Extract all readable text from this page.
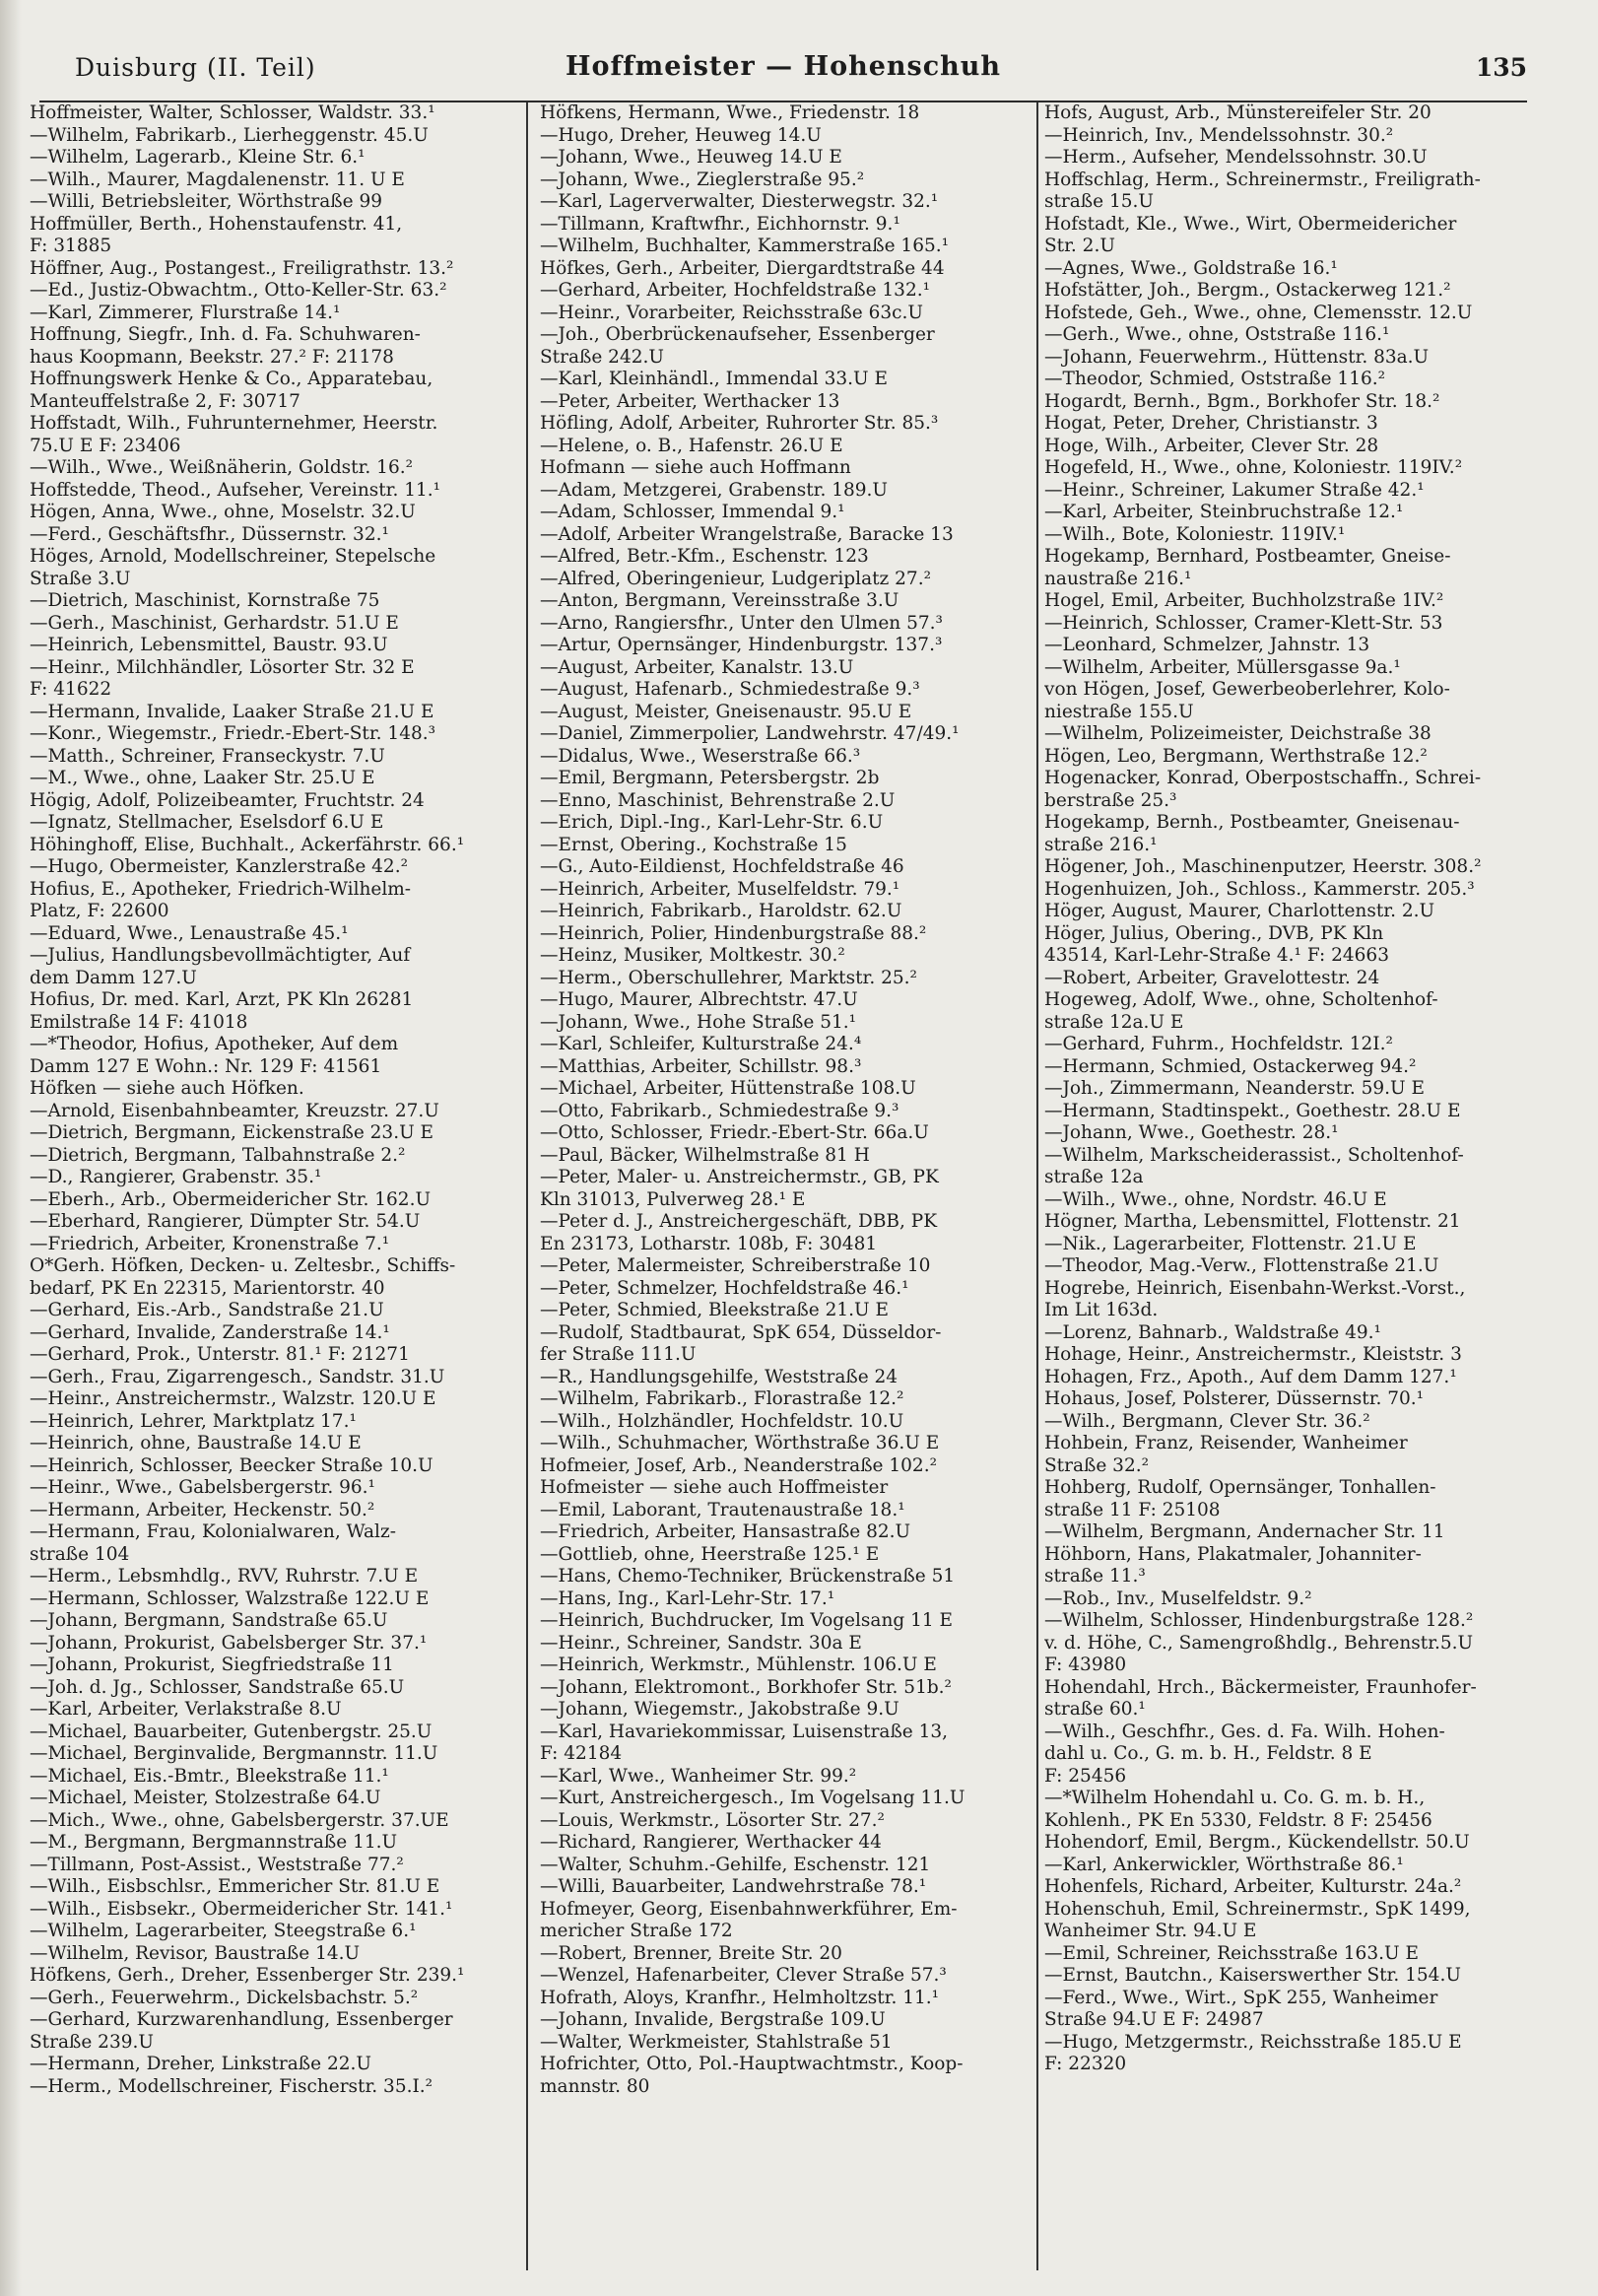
Duisburg (II. Teil)	Hoffmeister — Hohenschuh	135
Hoffmeister, Walter, Schlosser, Waldstr. 33.¹
—Wilhelm, Fabrikarb., Lierheggenstr. 45.U
—Wilhelm, Lagerarb., Kleine Str. 6.¹
—Wilh., Maurer, Magdalenenstr. 11. U E
—Willi, Betriebsleiter, Wörthstraße 99
Hoffmüller, Berth., Hohenstaufenstr. 41,
F: 31885
Höffner, Aug., Postangest., Freiligrathstr. 13.²
—Ed., Justiz-Obwachtm., Otto-Keller-Str. 63.²
—Karl, Zimmerer, Flurstraße 14.¹
Hoffnung, Siegfr., Inh. d. Fa. Schuhwaren-
haus Koopmann, Beekstr. 27.² F: 21178
Hoffnungswerk Henke & Co., Apparatebau,
Manteuffelstraße 2, F: 30717
Hoffstadt, Wilh., Fuhrunternehmer, Heerstr.
75.U E F: 23406
—Wilh., Wwe., Weißnäherin, Goldstr. 16.²
Hoffstedde, Theod., Aufseher, Vereinstr. 11.¹
Högen, Anna, Wwe., ohne, Moselstr. 32.U
—Ferd., Geschäftsfhr., Düssernstr. 32.¹
Höges, Arnold, Modellschreiner, Stepelsche
Straße 3.U
—Dietrich, Maschinist, Kornstraße 75
—Gerh., Maschinist, Gerhardstr. 51.U E
—Heinrich, Lebensmittel, Baustr. 93.U
—Heinr., Milchhändler, Lösorter Str. 32 E
F: 41622
—Hermann, Invalide, Laaker Straße 21.U E
—Konr., Wiegemstr., Friedr.-Ebert-Str. 148.³
—Matth., Schreiner, Franseckystr. 7.U
—M., Wwe., ohne, Laaker Str. 25.U E
Högig, Adolf, Polizeibeamter, Fruchtstr. 24
—Ignatz, Stellmacher, Eselsdorf 6.U E
Höhinghoff, Elise, Buchhalt., Ackerfährstr. 66.¹
—Hugo, Obermeister, Kanzlerstraße 42.²
Hofius, E., Apotheker, Friedrich-Wilhelm-
Platz, F: 22600
—Eduard, Wwe., Lenaustraße 45.¹
—Julius, Handlungsbevollmächtigter, Auf
dem Damm 127.U
Hofius, Dr. med. Karl, Arzt, PK Kln 26281
Emilstraße 14 F: 41018
—*Theodor, Hofius, Apotheker, Auf dem
Damm 127 E Wohn.: Nr. 129 F: 41561
Höfken — siehe auch Höfken.
—Arnold, Eisenbahnbeamter, Kreuzstr. 27.U
—Dietrich, Bergmann, Eickenstraße 23.U E
—Dietrich, Bergmann, Talbahnstraße 2.²
—D., Rangierer, Grabenstr. 35.¹
—Eberh., Arb., Obermeidericher Str. 162.U
—Eberhard, Rangierer, Dümpter Str. 54.U
—Friedrich, Arbeiter, Kronenstraße 7.¹
O*Gerh. Höfken, Decken- u. Zeltesbr., Schiffs-
bedarf, PK En 22315, Marientorstr. 40
—Gerhard, Eis.-Arb., Sandstraße 21.U
—Gerhard, Invalide, Zanderstraße 14.¹
—Gerhard, Prok., Unterstr. 81.¹ F: 21271
—Gerh., Frau, Zigarrengesch., Sandstr. 31.U
—Heinr., Anstreichermstr., Walzstr. 120.U E
—Heinrich, Lehrer, Marktplatz 17.¹
—Heinrich, ohne, Baustraße 14.U E
—Heinrich, Schlosser, Beecker Straße 10.U
—Heinr., Wwe., Gabelsbergerstr. 96.¹
—Hermann, Arbeiter, Heckenstr. 50.²
—Hermann, Frau, Kolonialwaren, Walz-
straße 104
—Herm., Lebsmhdlg., RVV, Ruhrstr. 7.U E
—Hermann, Schlosser, Walzstraße 122.U E
—Johann, Bergmann, Sandstraße 65.U
—Johann, Prokurist, Gabelsberger Str. 37.¹
—Johann, Prokurist, Siegfriedstraße 11
—Joh. d. Jg., Schlosser, Sandstraße 65.U
—Karl, Arbeiter, Verlakstraße 8.U
—Michael, Bauarbeiter, Gutenbergstr. 25.U
—Michael, Berginvalide, Bergmannstr. 11.U
—Michael, Eis.-Bmtr., Bleekstraße 11.¹
—Michael, Meister, Stolzestraße 64.U
—Mich., Wwe., ohne, Gabelsbergerstr. 37.UE
—M., Bergmann, Bergmannstraße 11.U
—Tillmann, Post-Assist., Weststraße 77.²
—Wilh., Eisbschlsr., Emmericher Str. 81.U E
—Wilh., Eisbsekr., Obermeidericher Str. 141.¹
—Wilhelm, Lagerarbeiter, Steegstraße 6.¹
—Wilhelm, Revisor, Baustraße 14.U
Höfkens, Gerh., Dreher, Essenberger Str. 239.¹
—Gerh., Feuerwehrm., Dickelsbachstr. 5.²
—Gerhard, Kurzwarenhandlung, Essenberger
Straße 239.U
—Hermann, Dreher, Linkstraße 22.U
—Herm., Modellschreiner, Fischerstr. 35.I.²
Höfkens, Hermann, Wwe., Friedenstr. 18
—Hugo, Dreher, Heuweg 14.U
—Johann, Wwe., Heuweg 14.U E
—Johann, Wwe., Zieglerstraße 95.²
—Karl, Lagerverwalter, Diesterwegstr. 32.¹
—Tillmann, Kraftwfhr., Eichhornstr. 9.¹
—Wilhelm, Buchhalter, Kammerstraße 165.¹
Höfkes, Gerh., Arbeiter, Diergardtstraße 44
—Gerhard, Arbeiter, Hochfeldstraße 132.¹
—Heinr., Vorarbeiter, Reichsstraße 63c.U
—Joh., Oberbrückenaufseher, Essenberger
Straße 242.U
—Karl, Kleinhändl., Immendal 33.U E
—Peter, Arbeiter, Werthacker 13
Höfling, Adolf, Arbeiter, Ruhrorter Str. 85.³
—Helene, o. B., Hafenstr. 26.U E
Hofmann — siehe auch Hoffmann
—Adam, Metzgerei, Grabenstr. 189.U
—Adam, Schlosser, Immendal 9.¹
—Adolf, Arbeiter Wrangelstraße, Baracke 13
—Alfred, Betr.-Kfm., Eschenstr. 123
—Alfred, Oberingenieur, Ludgeriplatz 27.²
—Anton, Bergmann, Vereinsstraße 3.U
—Arno, Rangiersfhr., Unter den Ulmen 57.³
—Artur, Opernsänger, Hindenburgstr. 137.³
—August, Arbeiter, Kanalstr. 13.U
—August, Hafenarb., Schmiedestraße 9.³
—August, Meister, Gneisenaustr. 95.U E
—Daniel, Zimmerpolier, Landwehrstr. 47/49.¹
—Didalus, Wwe., Weserstraße 66.³
—Emil, Bergmann, Petersbergstr. 2b
—Enno, Maschinist, Behrenstraße 2.U
—Erich, Dipl.-Ing., Karl-Lehr-Str. 6.U
—Ernst, Obering., Kochstraße 15
—G., Auto-Eildienst, Hochfeldstraße 46
—Heinrich, Arbeiter, Muselfeldstr. 79.¹
—Heinrich, Fabrikarb., Haroldstr. 62.U
—Heinrich, Polier, Hindenburgstraße 88.²
—Heinz, Musiker, Moltkestr. 30.²
—Herm., Oberschullehrer, Marktstr. 25.²
—Hugo, Maurer, Albrechtstr. 47.U
—Johann, Wwe., Hohe Straße 51.¹
—Karl, Schleifer, Kulturstraße 24.⁴
—Matthias, Arbeiter, Schillstr. 98.³
—Michael, Arbeiter, Hüttenstraße 108.U
—Otto, Fabrikarb., Schmiedestraße 9.³
—Otto, Schlosser, Friedr.-Ebert-Str. 66a.U
—Paul, Bäcker, Wilhelmstraße 81 H
—Peter, Maler- u. Anstreichermstr., GB, PK
Kln 31013, Pulverweg 28.¹ E
—Peter d. J., Anstreichergeschäft, DBB, PK
En 23173, Lotharstr. 108b, F: 30481
—Peter, Malermeister, Schreiberstraße 10
—Peter, Schmelzer, Hochfeldstraße 46.¹
—Peter, Schmied, Bleekstraße 21.U E
—Rudolf, Stadtbaurat, SpK 654, Düsseldor-
fer Straße 111.U
—R., Handlungsgehilfe, Weststraße 24
—Wilhelm, Fabrikarb., Florastraße 12.²
—Wilh., Holzhändler, Hochfeldstr. 10.U
—Wilh., Schuhmacher, Wörthstraße 36.U E
Hofmeier, Josef, Arb., Neanderstraße 102.²
Hofmeister — siehe auch Hoffmeister
—Emil, Laborant, Trautenaustraße 18.¹
—Friedrich, Arbeiter, Hansastraße 82.U
—Gottlieb, ohne, Heerstraße 125.¹ E
—Hans, Chemo-Techniker, Brückenstraße 51
—Hans, Ing., Karl-Lehr-Str. 17.¹
—Heinrich, Buchdrucker, Im Vogelsang 11 E
—Heinr., Schreiner, Sandstr. 30a E
—Heinrich, Werkmstr., Mühlenstr. 106.U E
—Johann, Elektromont., Borkhofer Str. 51b.²
—Johann, Wiegemstr., Jakobstraße 9.U
—Karl, Havariekommissar, Luisenstraße 13,
F: 42184
—Karl, Wwe., Wanheimer Str. 99.²
—Kurt, Anstreichergesch., Im Vogelsang 11.U
—Louis, Werkmstr., Lösorter Str. 27.²
—Richard, Rangierer, Werthacker 44
—Walter, Schuhm.-Gehilfe, Eschenstr. 121
—Willi, Bauarbeiter, Landwehrstraße 78.¹
Hofmeyer, Georg, Eisenbahnwerkführer, Em-
mericher Straße 172
—Robert, Brenner, Breite Str. 20
—Wenzel, Hafenarbeiter, Clever Straße 57.³
Hofrath, Aloys, Kranfhr., Helmholtzstr. 11.¹
—Johann, Invalide, Bergstraße 109.U
—Walter, Werkmeister, Stahlstraße 51
Hofrichter, Otto, Pol.-Hauptwachtmstr., Koop-
mannstr. 80
Hofs, August, Arb., Münstereifeler Str. 20
—Heinrich, Inv., Mendelssohnstr. 30.²
—Herm., Aufseher, Mendelssohnstr. 30.U
Hoffschlag, Herm., Schreinermstr., Freiligrath-
straße 15.U
Hofstadt, Kle., Wwe., Wirt, Obermeidericher
Str. 2.U
—Agnes, Wwe., Goldstraße 16.¹
Hofstätter, Joh., Bergm., Ostackerweg 121.²
Hofstede, Geh., Wwe., ohne, Clemensstr. 12.U
—Gerh., Wwe., ohne, Oststraße 116.¹
—Johann, Feuerwehrm., Hüttenstr. 83a.U
—Theodor, Schmied, Oststraße 116.²
Hogardt, Bernh., Bgm., Borkhofer Str. 18.²
Hogat, Peter, Dreher, Christianstr. 3
Hoge, Wilh., Arbeiter, Clever Str. 28
Hogefeld, H., Wwe., ohne, Koloniestr. 119IV.²
—Heinr., Schreiner, Lakumer Straße 42.¹
—Karl, Arbeiter, Steinbruchstraße 12.¹
—Wilh., Bote, Koloniestr. 119IV.¹
Hogekamp, Bernhard, Postbeamter, Gneise-
naustraße 216.¹
Hogel, Emil, Arbeiter, Buchholzstraße 1IV.²
—Heinrich, Schlosser, Cramer-Klett-Str. 53
—Leonhard, Schmelzer, Jahnstr. 13
—Wilhelm, Arbeiter, Müllersgasse 9a.¹
von Högen, Josef, Gewerbeoberlehrer, Kolo-
niestraße 155.U
—Wilhelm, Polizeimeister, Deichstraße 38
Högen, Leo, Bergmann, Werthstraße 12.²
Hogenacker, Konrad, Oberpostschaffn., Schrei-
berstraße 25.³
Hogekamp, Bernh., Postbeamter, Gneisenau-
straße 216.¹
Högener, Joh., Maschinenputzer, Heerstr. 308.²
Hogenhuizen, Joh., Schloss., Kammerstr. 205.³
Höger, August, Maurer, Charlottenstr. 2.U
Höger, Julius, Obering., DVB, PK Kln
43514, Karl-Lehr-Straße 4.¹ F: 24663
—Robert, Arbeiter, Gravelottestr. 24
Hogeweg, Adolf, Wwe., ohne, Scholtenhof-
straße 12a.U E
—Gerhard, Fuhrm., Hochfeldstr. 12I.²
—Hermann, Schmied, Ostackerweg 94.²
—Joh., Zimmermann, Neanderstr. 59.U E
—Hermann, Stadtinspekt., Goethestr. 28.U E
—Johann, Wwe., Goethestr. 28.¹
—Wilhelm, Markscheiderassist., Scholtenhof-
straße 12a
—Wilh., Wwe., ohne, Nordstr. 46.U E
Högner, Martha, Lebensmittel, Flottenstr. 21
—Nik., Lagerarbeiter, Flottenstr. 21.U E
—Theodor, Mag.-Verw., Flottenstraße 21.U
Hogrebe, Heinrich, Eisenbahn-Werkst.-Vorst.,
Im Lit 163d.
—Lorenz, Bahnarb., Waldstraße 49.¹
Hohage, Heinr., Anstreichermstr., Kleiststr. 3
Hohagen, Frz., Apoth., Auf dem Damm 127.¹
Hohaus, Josef, Polsterer, Düssernstr. 70.¹
—Wilh., Bergmann, Clever Str. 36.²
Hohbein, Franz, Reisender, Wanheimer
Straße 32.²
Hohberg, Rudolf, Opernsänger, Tonhallen-
straße 11 F: 25108
—Wilhelm, Bergmann, Andernacher Str. 11
Höhborn, Hans, Plakatmaler, Johanniter-
straße 11.³
—Rob., Inv., Muselfeldstr. 9.²
—Wilhelm, Schlosser, Hindenburgstraße 128.²
v. d. Höhe, C., Samengroßhdlg., Behrenstr.5.U
F: 43980
Hohendahl, Hrch., Bäckermeister, Fraunhofer-
straße 60.¹
—Wilh., Geschfhr., Ges. d. Fa. Wilh. Hohen-
dahl u. Co., G. m. b. H., Feldstr. 8 E
F: 25456
—*Wilhelm Hohendahl u. Co. G. m. b. H.,
Kohlenh., PK En 5330, Feldstr. 8 F: 25456
Hohendorf, Emil, Bergm., Kückendellstr. 50.U
—Karl, Ankerwickler, Wörthstraße 86.¹
Hohenfels, Richard, Arbeiter, Kulturstr. 24a.²
Hohenschuh, Emil, Schreinermstr., SpK 1499,
Wanheimer Str. 94.U E
—Emil, Schreiner, Reichsstraße 163.U E
—Ernst, Bautchn., Kaiserswerther Str. 154.U
—Ferd., Wwe., Wirt., SpK 255, Wanheimer
Straße 94.U E F: 24987
—Hugo, Metzgermstr., Reichsstraße 185.U E
F: 22320
